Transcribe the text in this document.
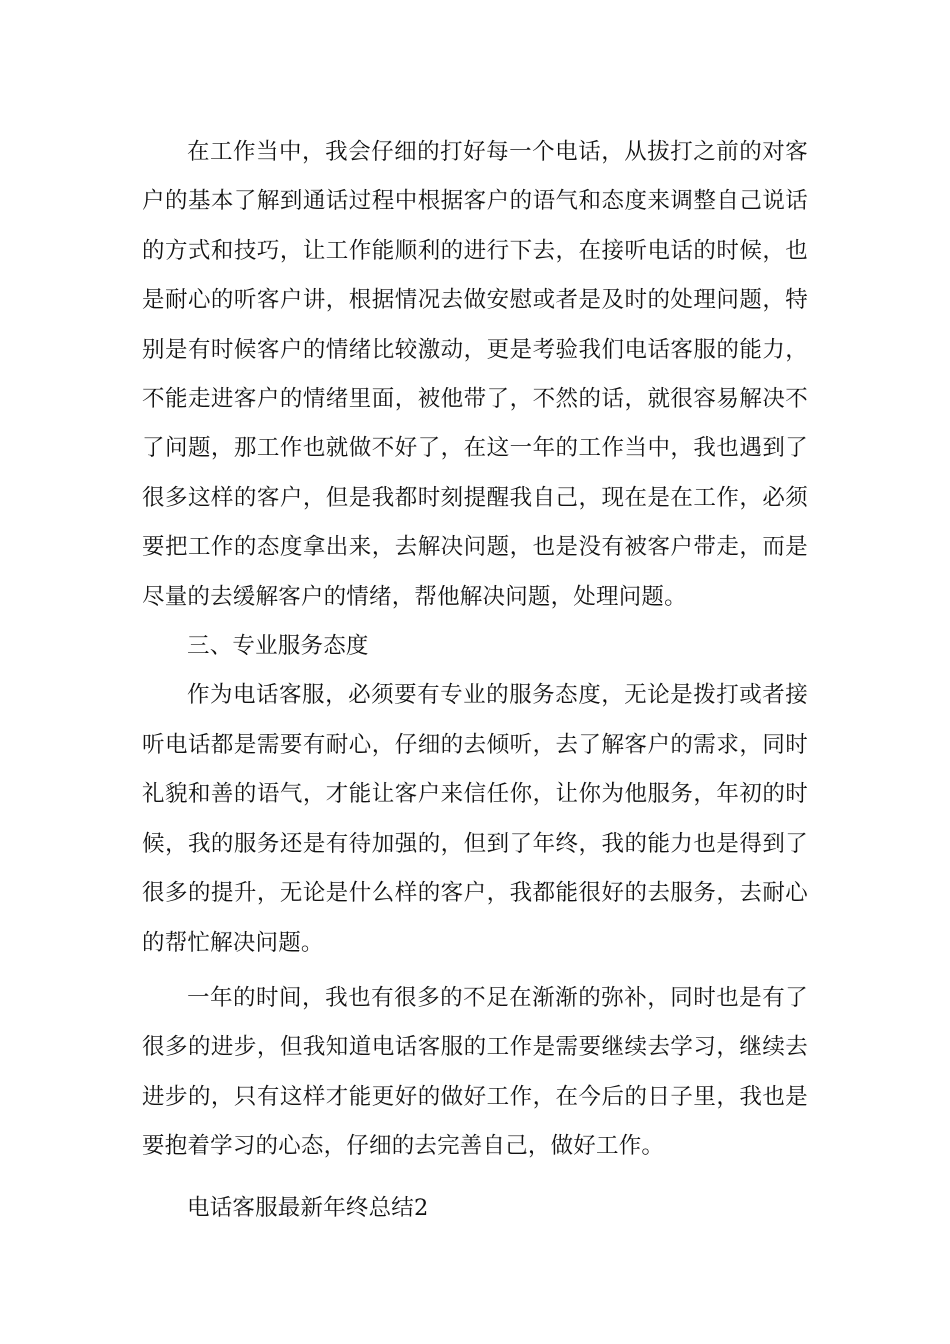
在工作当中，我会仔细的打好每一个电话，从拔打之前的对客户的基本了解到通话过程中根据客户的语气和态度来调整自己说话的方式和技巧，让工作能顺利的进行下去，在接听电话的时候，也是耐心的听客户讲，根据情况去做安慰或者是及时的处理问题，特别是有时候客户的情绪比较激动，更是考验我们电话客服的能力，不能走进客户的情绪里面，被他带了，不然的话，就很容易解决不了问题，那工作也就做不好了，在这一年的工作当中，我也遇到了很多这样的客户，但是我都时刻提醒我自己，现在是在工作，必须要把工作的态度拿出来，去解决问题，也是没有被客户带走，而是尽量的去缓解客户的情绪，帮他解决问题，处理问题。

三、专业服务态度

作为电话客服，必须要有专业的服务态度，无论是拨打或者接听电话都是需要有耐心，仔细的去倾听，去了解客户的需求，同时礼貌和善的语气，才能让客户来信任你，让你为他服务，年初的时候，我的服务还是有待加强的，但到了年终，我的能力也是得到了很多的提升，无论是什么样的客户，我都能很好的去服务，去耐心的帮忙解决问题。

一年的时间，我也有很多的不足在渐渐的弥补，同时也是有了很多的进步，但我知道电话客服的工作是需要继续去学习，继续去进步的，只有这样才能更好的做好工作，在今后的日子里，我也是要抱着学习的心态，仔细的去完善自己，做好工作。

电话客服最新年终总结2
